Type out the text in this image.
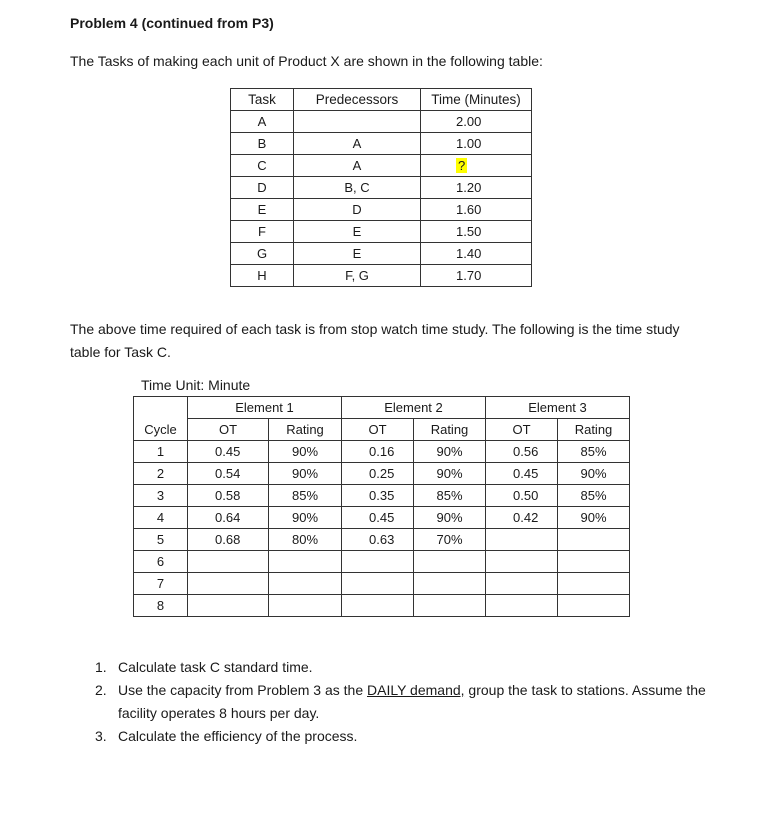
Problem 4 (continued from P3)
The Tasks of making each unit of Product X are shown in the following table:
Task	Predecessors	Time (Minutes)
A		2.00
B	A	1.00
C	A	?
D	B, C	1.20
E	D	1.60
F	E	1.50
G	E	1.40
H	F, G	1.70
The above time required of each task is from stop watch time study. The following is the time study table for Task C.
Time Unit: Minute
	Element 1		Element 2		Element 3	
Cycle	OT	Rating	OT	Rating	OT	Rating
1	0.45	90%	0.16	90%	0.56	85%
2	0.54	90%	0.25	90%	0.45	90%
3	0.58	85%	0.35	85%	0.50	85%
4	0.64	90%	0.45	90%	0.42	90%
5	0.68	80%	0.63	70%		
6						
7						
8						
1. Calculate task C standard time.
2. Use the capacity from Problem 3 as the DAILY demand, group the task to stations. Assume the facility operates 8 hours per day.
3. Calculate the efficiency of the process.
